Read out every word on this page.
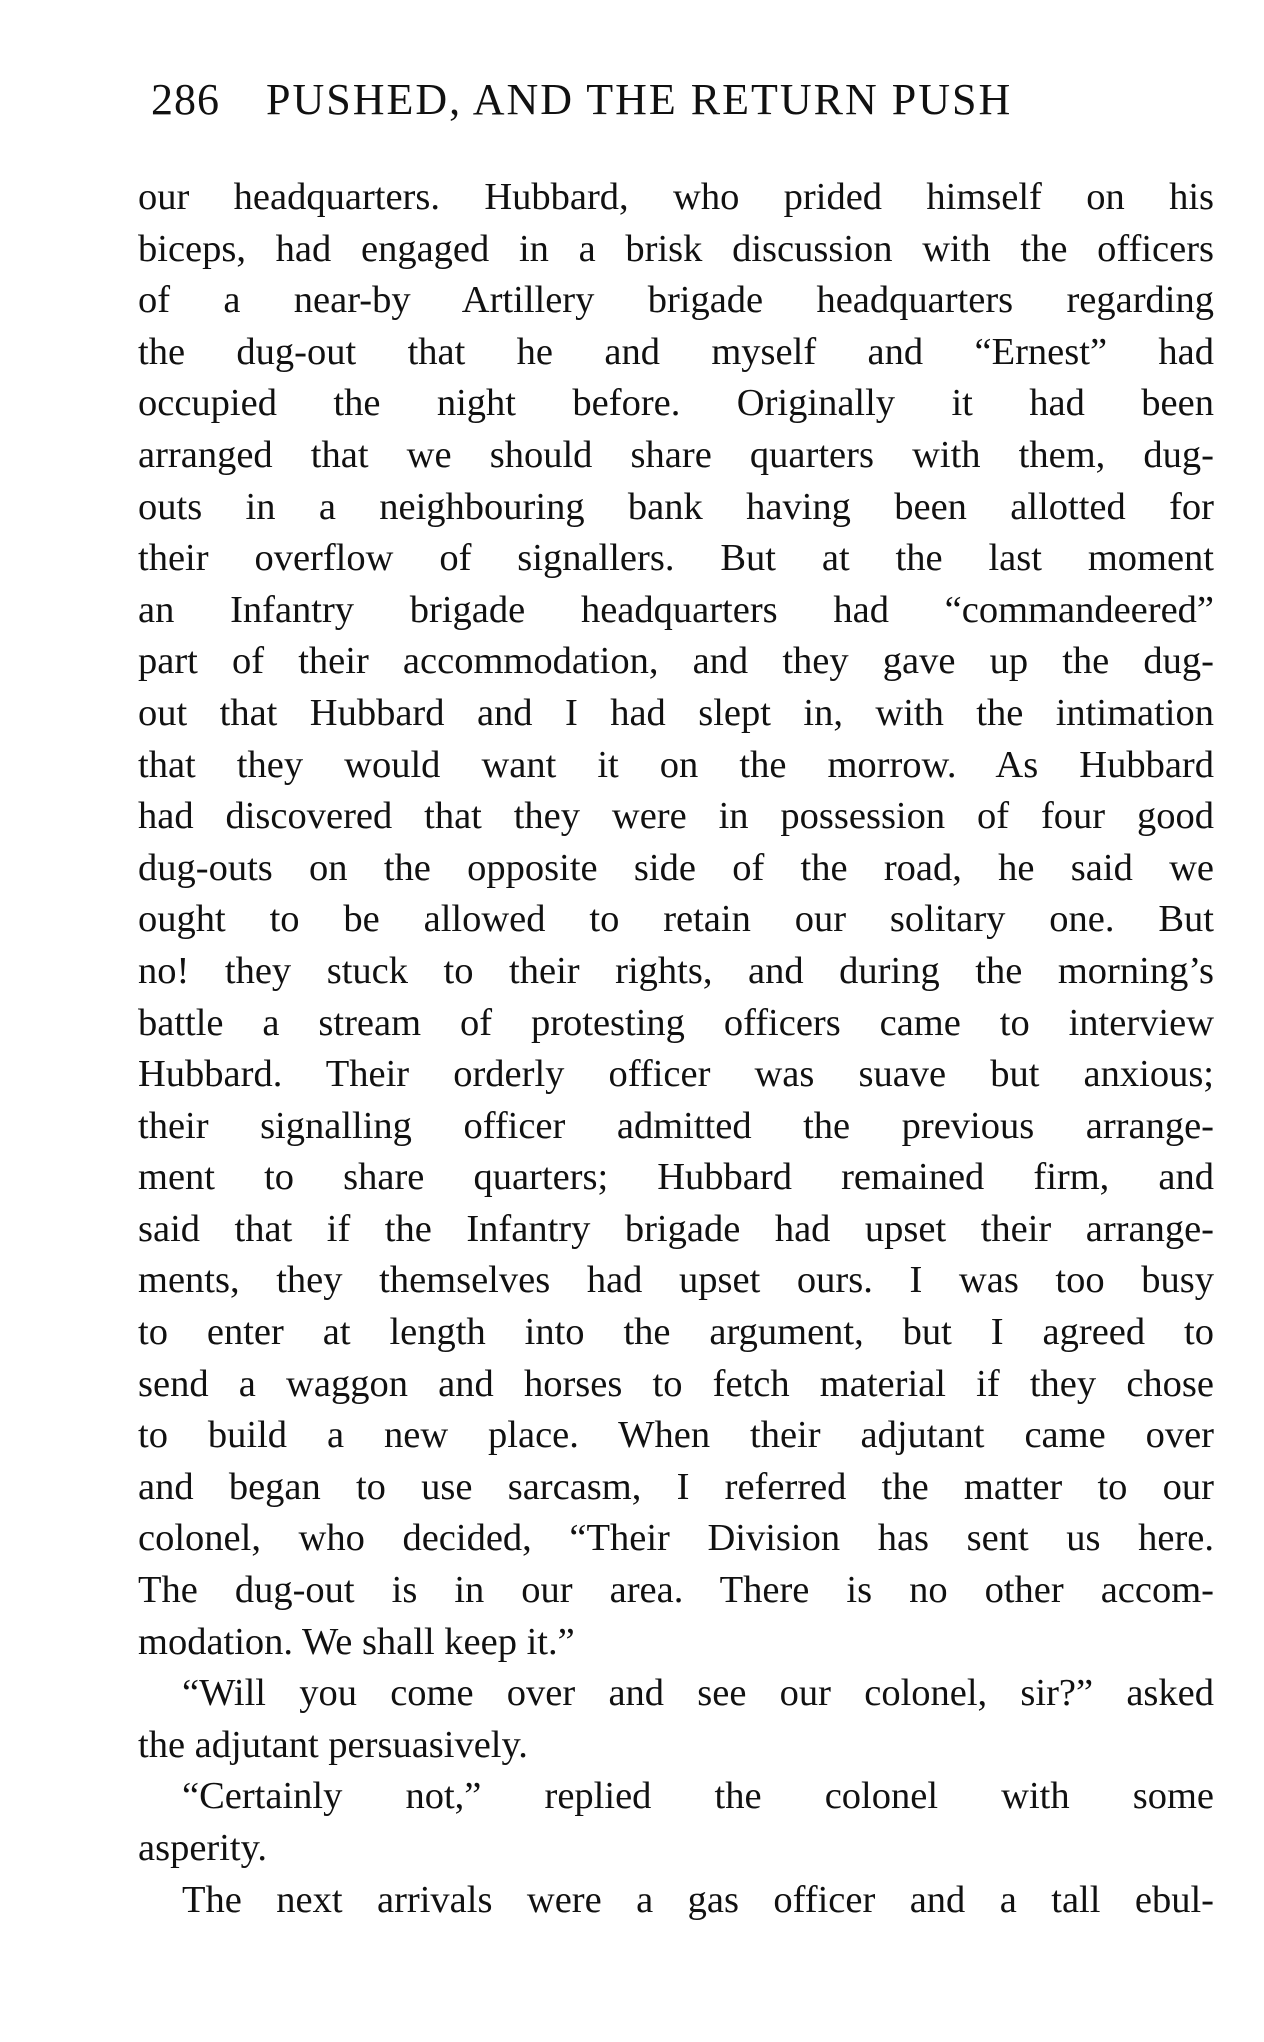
286 PUSHED, AND THE RETURN PUSH
our headquarters. Hubbard, who prided himself on his
biceps, had engaged in a brisk discussion with the officers
of a near-by Artillery brigade headquarters regarding
the dug-out that he and myself and “Ernest” had
occupied the night before. Originally it had been
arranged that we should share quarters with them, dug-
outs in a neighbouring bank having been allotted for
their overflow of signallers. But at the last moment
an Infantry brigade headquarters had “commandeered”
part of their accommodation, and they gave up the dug-
out that Hubbard and I had slept in, with the intimation
that they would want it on the morrow. As Hubbard
had discovered that they were in possession of four good
dug-outs on the opposite side of the road, he said we
ought to be allowed to retain our solitary one. But
no! they stuck to their rights, and during the morning’s
battle a stream of protesting officers came to interview
Hubbard. Their orderly officer was suave but anxious;
their signalling officer admitted the previous arrange-
ment to share quarters; Hubbard remained firm, and
said that if the Infantry brigade had upset their arrange-
ments, they themselves had upset ours. I was too busy
to enter at length into the argument, but I agreed to
send a waggon and horses to fetch material if they chose
to build a new place. When their adjutant came over
and began to use sarcasm, I referred the matter to our
colonel, who decided, “Their Division has sent us here.
The dug-out is in our area. There is no other accom-
modation. We shall keep it.”
“Will you come over and see our colonel, sir?” asked
the adjutant persuasively.
“Certainly not,” replied the colonel with some
asperity.
The next arrivals were a gas officer and a tall ebul-
